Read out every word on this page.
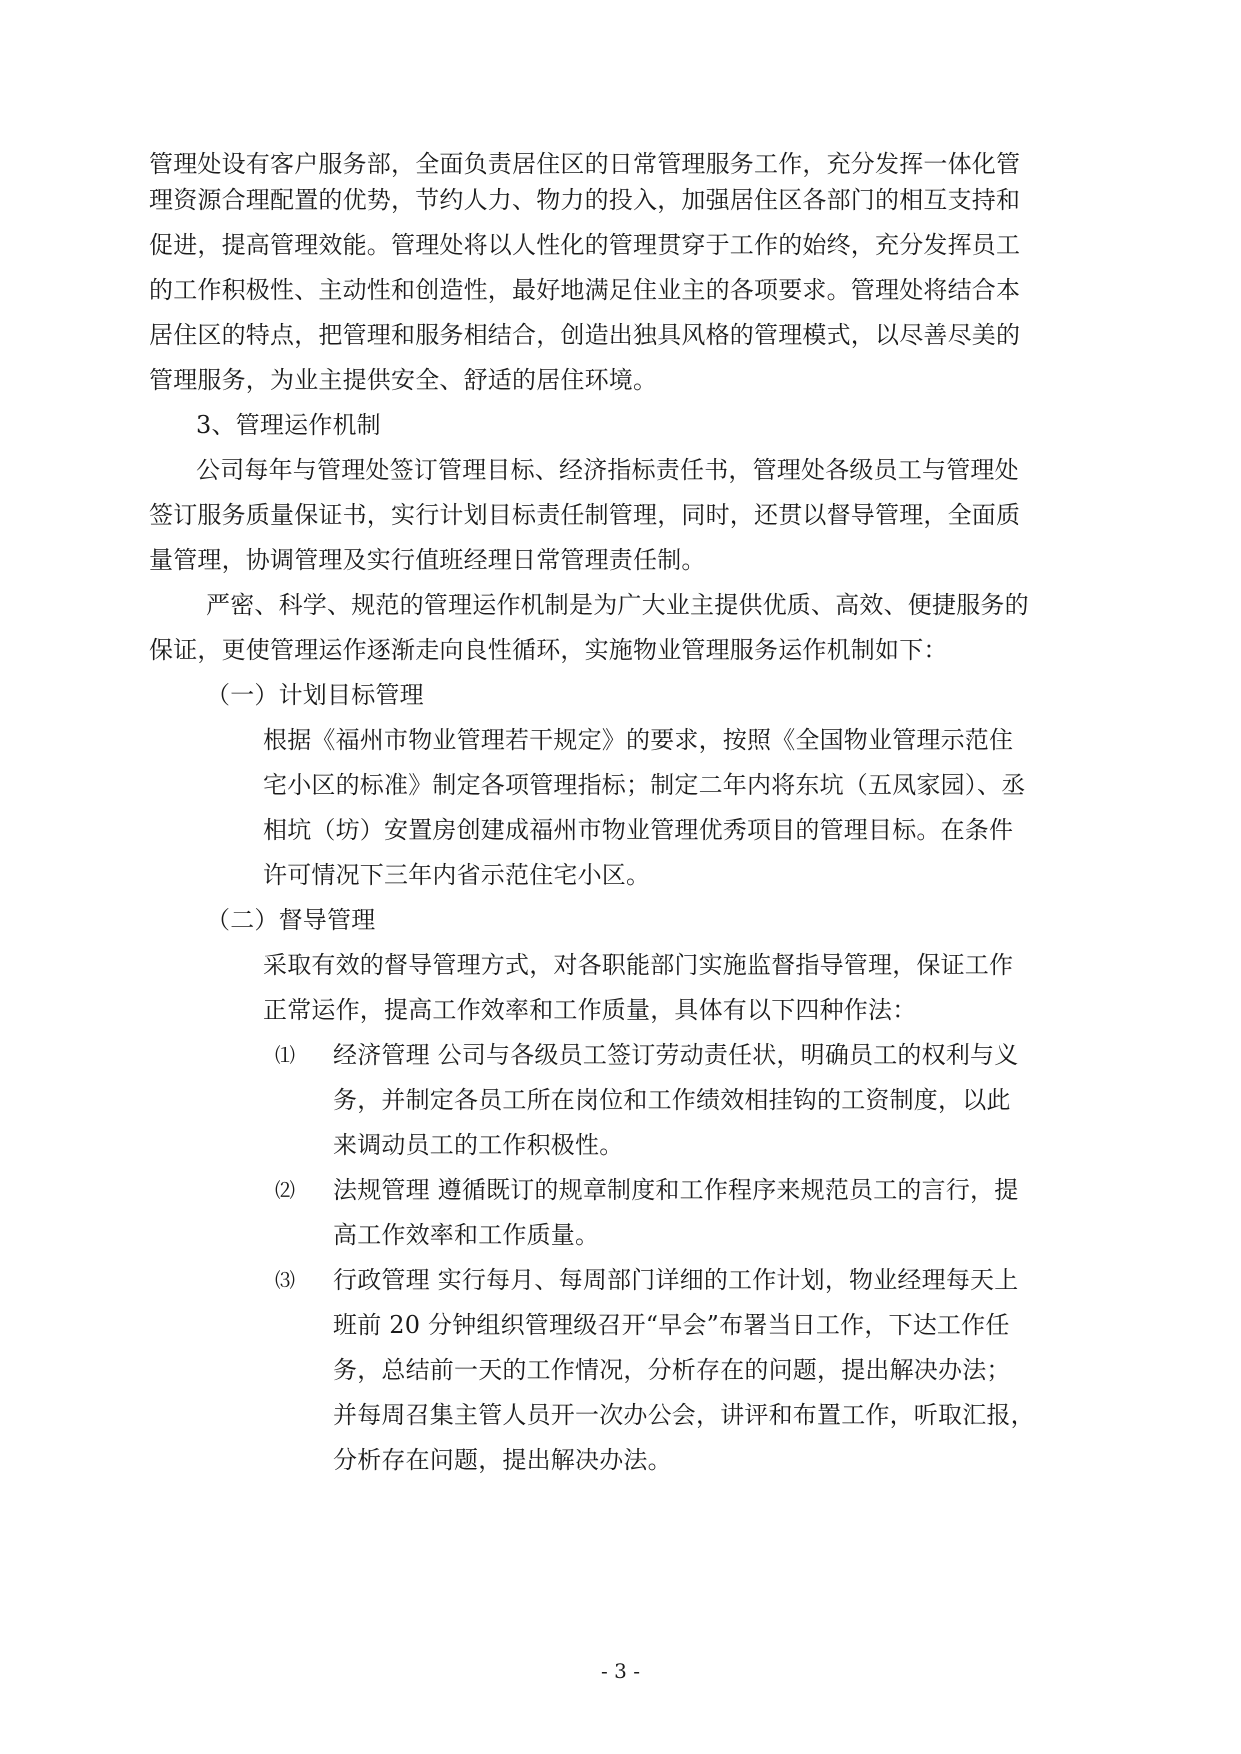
管理处设有客户服务部，全面负责居住区的日常管理服务工作，充分发挥一体化管
理资源合理配置的优势，节约人力、物力的投入，加强居住区各部门的相互支持和
促进，提高管理效能。管理处将以人性化的管理贯穿于工作的始终，充分发挥员工
的工作积极性、主动性和创造性，最好地满足住业主的各项要求。管理处将结合本
居住区的特点，把管理和服务相结合，创造出独具风格的管理模式，以尽善尽美的
管理服务，为业主提供安全、舒适的居住环境。
3、管理运作机制
公司每年与管理处签订管理目标、经济指标责任书，管理处各级员工与管理处
签订服务质量保证书，实行计划目标责任制管理，同时，还贯以督导管理，全面质
量管理，协调管理及实行值班经理日常管理责任制。
严密、科学、规范的管理运作机制是为广大业主提供优质、高效、便捷服务的
保证，更使管理运作逐渐走向良性循环，实施物业管理服务运作机制如下：
（一）计划目标管理
根据《福州市物业管理若干规定》的要求，按照《全国物业管理示范住
宅小区的标准》制定各项管理指标；制定二年内将东坑（五凤家园）、丞
相坑（坊）安置房创建成福州市物业管理优秀项目的管理目标。在条件
许可情况下三年内省示范住宅小区。
（二）督导管理
采取有效的督导管理方式，对各职能部门实施监督指导管理，保证工作
正常运作，提高工作效率和工作质量，具体有以下四种作法：
⑴ 经济管理 公司与各级员工签订劳动责任状，明确员工的权利与义
务，并制定各员工所在岗位和工作绩效相挂钩的工资制度，以此
来调动员工的工作积极性。
⑵ 法规管理 遵循既订的规章制度和工作程序来规范员工的言行，提
高工作效率和工作质量。
⑶ 行政管理 实行每月、每周部门详细的工作计划，物业经理每天上
班前 20 分钟组织管理级召开“早会”布署当日工作，下达工作任
务，总结前一天的工作情况，分析存在的问题，提出解决办法；
并每周召集主管人员开一次办公会，讲评和布置工作，听取汇报，
分析存在问题，提出解决办法。
- 3 -
